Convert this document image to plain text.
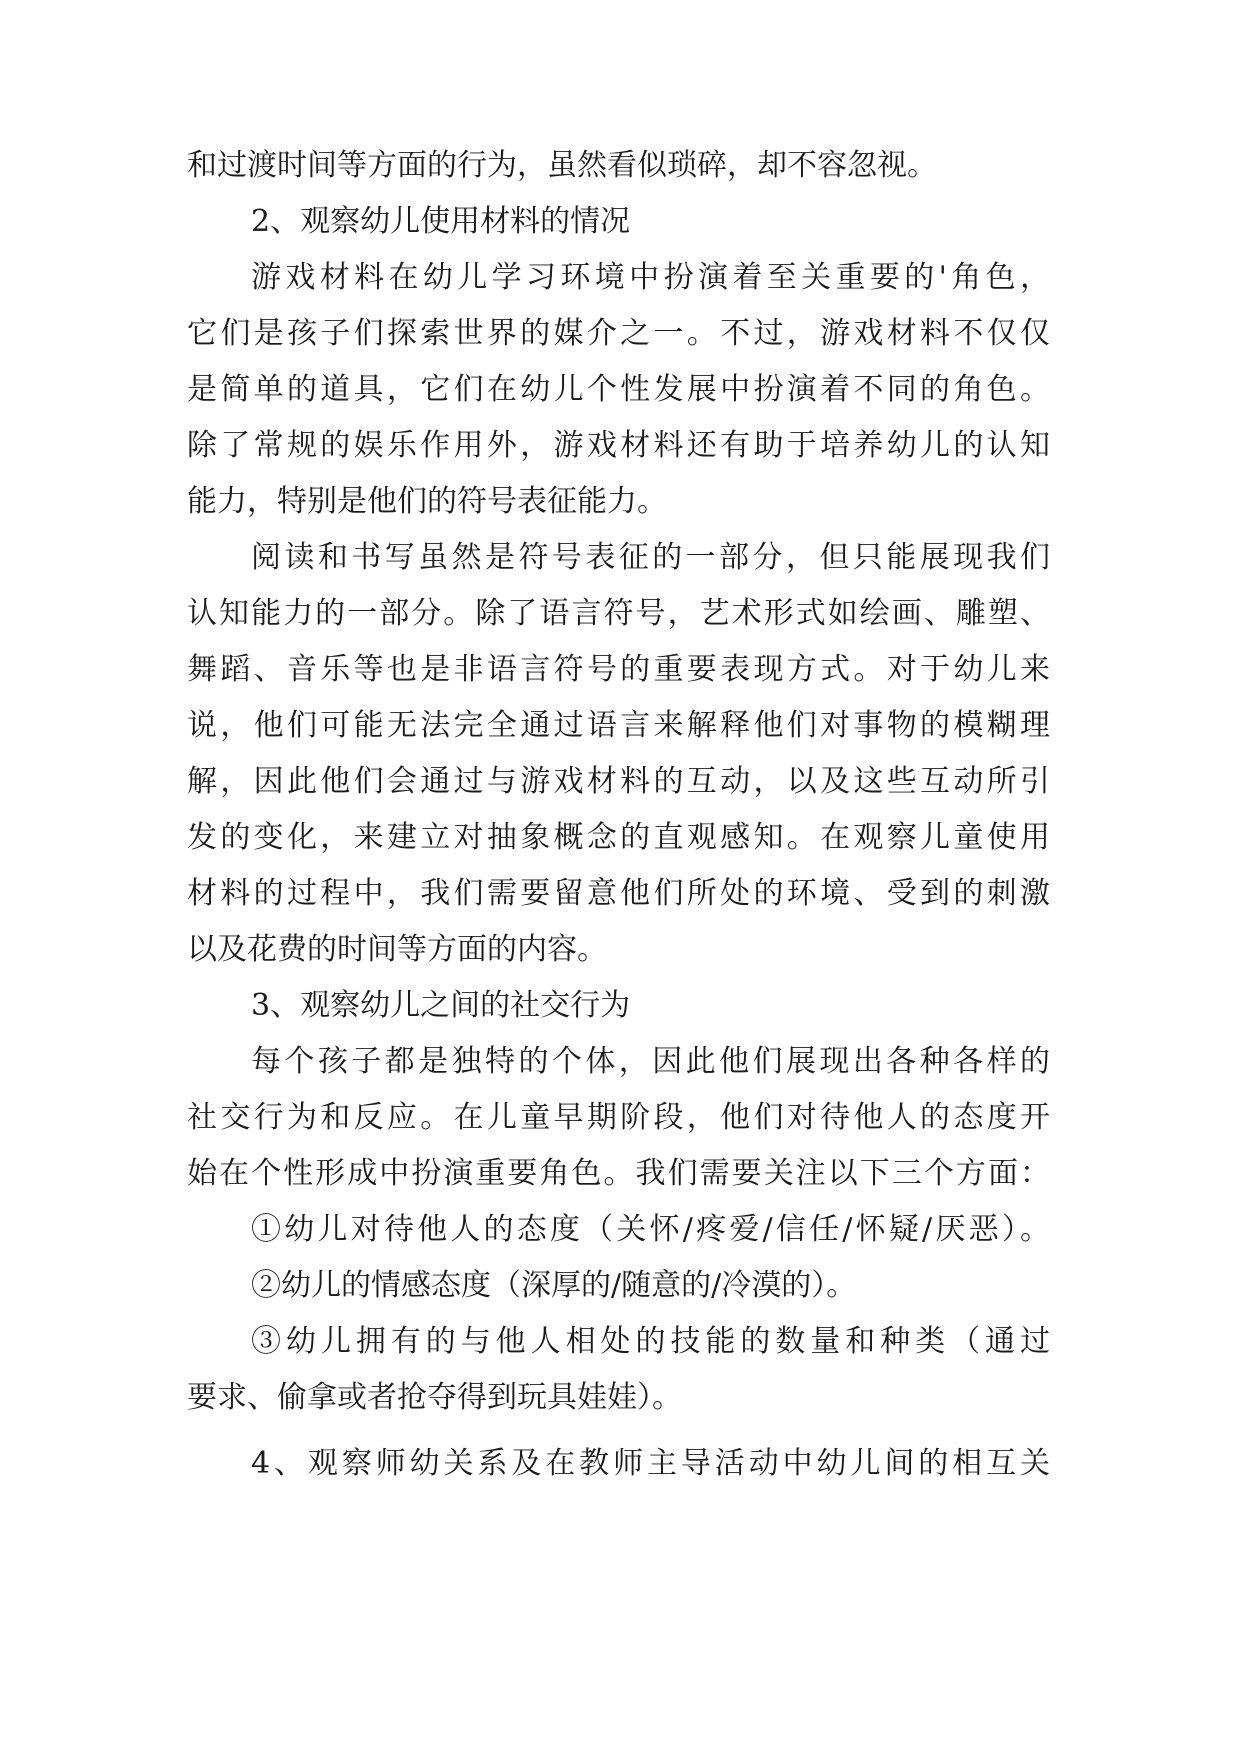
和过渡时间等方面的行为，虽然看似琐碎，却不容忽视。
2、观察幼儿使用材料的情况
游戏材料在幼儿学习环境中扮演着至关重要的'角色，
它们是孩子们探索世界的媒介之一。不过，游戏材料不仅仅
是简单的道具，它们在幼儿个性发展中扮演着不同的角色。
除了常规的娱乐作用外，游戏材料还有助于培养幼儿的认知
能力，特别是他们的符号表征能力。
阅读和书写虽然是符号表征的一部分，但只能展现我们
认知能力的一部分。除了语言符号，艺术形式如绘画、雕塑、
舞蹈、音乐等也是非语言符号的重要表现方式。对于幼儿来
说，他们可能无法完全通过语言来解释他们对事物的模糊理
解，因此他们会通过与游戏材料的互动，以及这些互动所引
发的变化，来建立对抽象概念的直观感知。在观察儿童使用
材料的过程中，我们需要留意他们所处的环境、受到的刺激
以及花费的时间等方面的内容。
3、观察幼儿之间的社交行为
每个孩子都是独特的个体，因此他们展现出各种各样的
社交行为和反应。在儿童早期阶段，他们对待他人的态度开
始在个性形成中扮演重要角色。我们需要关注以下三个方面：
①幼儿对待他人的态度（关怀/疼爱/信任/怀疑/厌恶）。
②幼儿的情感态度（深厚的/随意的/冷漠的）。
③幼儿拥有的与他人相处的技能的数量和种类（通过
要求、偷拿或者抢夺得到玩具娃娃）。
4、观察师幼关系及在教师主导活动中幼儿间的相互关
